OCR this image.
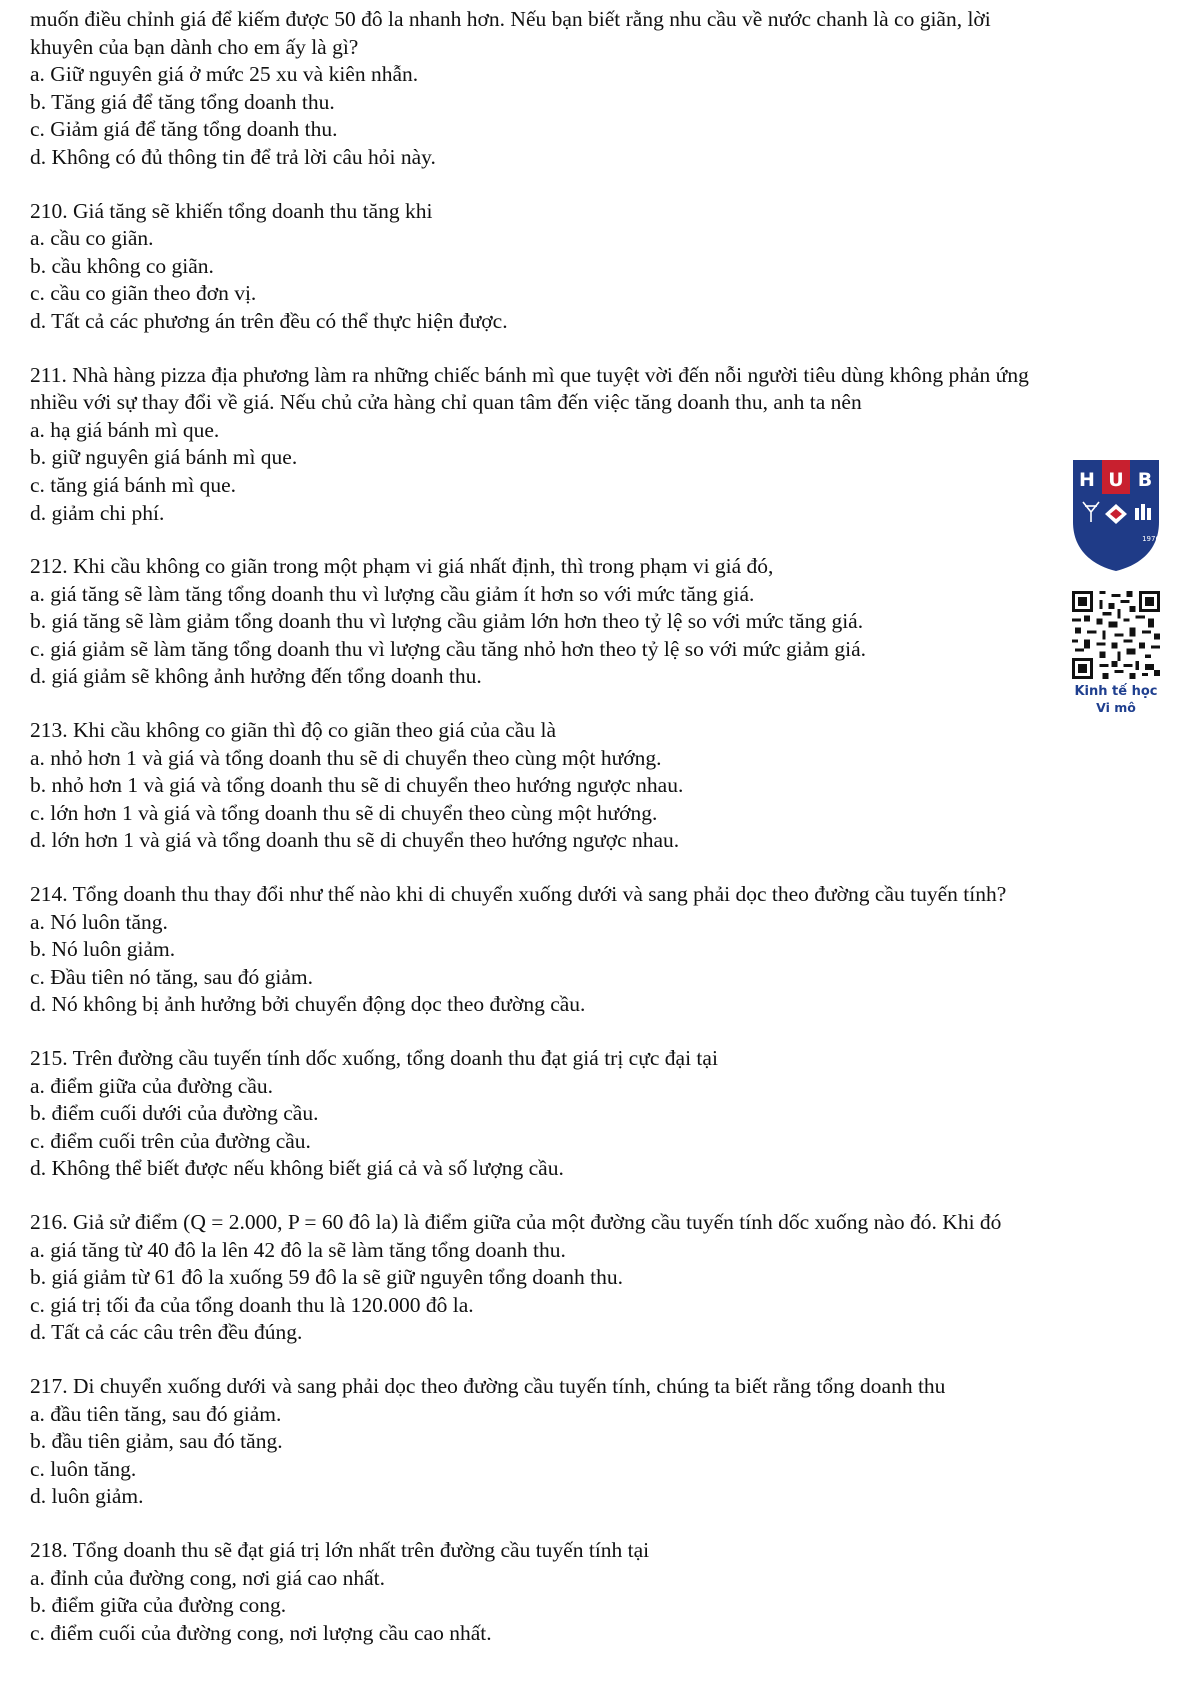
muốn điều chỉnh giá để kiếm được 50 đô la nhanh hơn. Nếu bạn biết rằng nhu cầu về nước chanh là co giãn, lời

khuyên của bạn dành cho em ấy là gì?

a. Giữ nguyên giá ở mức 25 xu và kiên nhẫn.

b. Tăng giá để tăng tổng doanh thu.

c. Giảm giá để tăng tổng doanh thu.

d. Không có đủ thông tin để trả lời câu hỏi này.

210. Giá tăng sẽ khiến tổng doanh thu tăng khi

a. cầu co giãn.

b. cầu không co giãn.

c. cầu co giãn theo đơn vị.

d. Tất cả các phương án trên đều có thể thực hiện được.

211. Nhà hàng pizza địa phương làm ra những chiếc bánh mì que tuyệt vời đến nỗi người tiêu dùng không phản ứng

nhiều với sự thay đổi về giá. Nếu chủ cửa hàng chỉ quan tâm đến việc tăng doanh thu, anh ta nên

a. hạ giá bánh mì que.

b. giữ nguyên giá bánh mì que.

c. tăng giá bánh mì que.

d. giảm chi phí.

212. Khi cầu không co giãn trong một phạm vi giá nhất định, thì trong phạm vi giá đó,

a. giá tăng sẽ làm tăng tổng doanh thu vì lượng cầu giảm ít hơn so với mức tăng giá.

b. giá tăng sẽ làm giảm tổng doanh thu vì lượng cầu giảm lớn hơn theo tỷ lệ so với mức tăng giá.

c. giá giảm sẽ làm tăng tổng doanh thu vì lượng cầu tăng nhỏ hơn theo tỷ lệ so với mức giảm giá.

d. giá giảm sẽ không ảnh hưởng đến tổng doanh thu.

213. Khi cầu không co giãn thì độ co giãn theo giá của cầu là

a. nhỏ hơn 1 và giá và tổng doanh thu sẽ di chuyển theo cùng một hướng.

b. nhỏ hơn 1 và giá và tổng doanh thu sẽ di chuyển theo hướng ngược nhau.

c. lớn hơn 1 và giá và tổng doanh thu sẽ di chuyển theo cùng một hướng.

d. lớn hơn 1 và giá và tổng doanh thu sẽ di chuyển theo hướng ngược nhau.

214. Tổng doanh thu thay đổi như thế nào khi di chuyển xuống dưới và sang phải dọc theo đường cầu tuyến tính?

a. Nó luôn tăng.

b. Nó luôn giảm.

c. Đầu tiên nó tăng, sau đó giảm.

d. Nó không bị ảnh hưởng bởi chuyển động dọc theo đường cầu.

215. Trên đường cầu tuyến tính dốc xuống, tổng doanh thu đạt giá trị cực đại tại

a. điểm giữa của đường cầu.

b. điểm cuối dưới của đường cầu.

c. điểm cuối trên của đường cầu.

d. Không thể biết được nếu không biết giá cả và số lượng cầu.

216. Giả sử điểm (Q = 2.000, P = 60 đô la) là điểm giữa của một đường cầu tuyến tính dốc xuống nào đó. Khi đó

a. giá tăng từ 40 đô la lên 42 đô la sẽ làm tăng tổng doanh thu.

b. giá giảm từ 61 đô la xuống 59 đô la sẽ giữ nguyên tổng doanh thu.

c. giá trị tối đa của tổng doanh thu là 120.000 đô la.

d. Tất cả các câu trên đều đúng.

217. Di chuyển xuống dưới và sang phải dọc theo đường cầu tuyến tính, chúng ta biết rằng tổng doanh thu

a. đầu tiên tăng, sau đó giảm.

b. đầu tiên giảm, sau đó tăng.

c. luôn tăng.

d. luôn giảm.

218. Tổng doanh thu sẽ đạt giá trị lớn nhất trên đường cầu tuyến tính tại

a. đỉnh của đường cong, nơi giá cao nhất.

b. điểm giữa của đường cong.

c. điểm cuối của đường cong, nơi lượng cầu cao nhất.

H U B
1976
Kinh tế học
Vi mô
